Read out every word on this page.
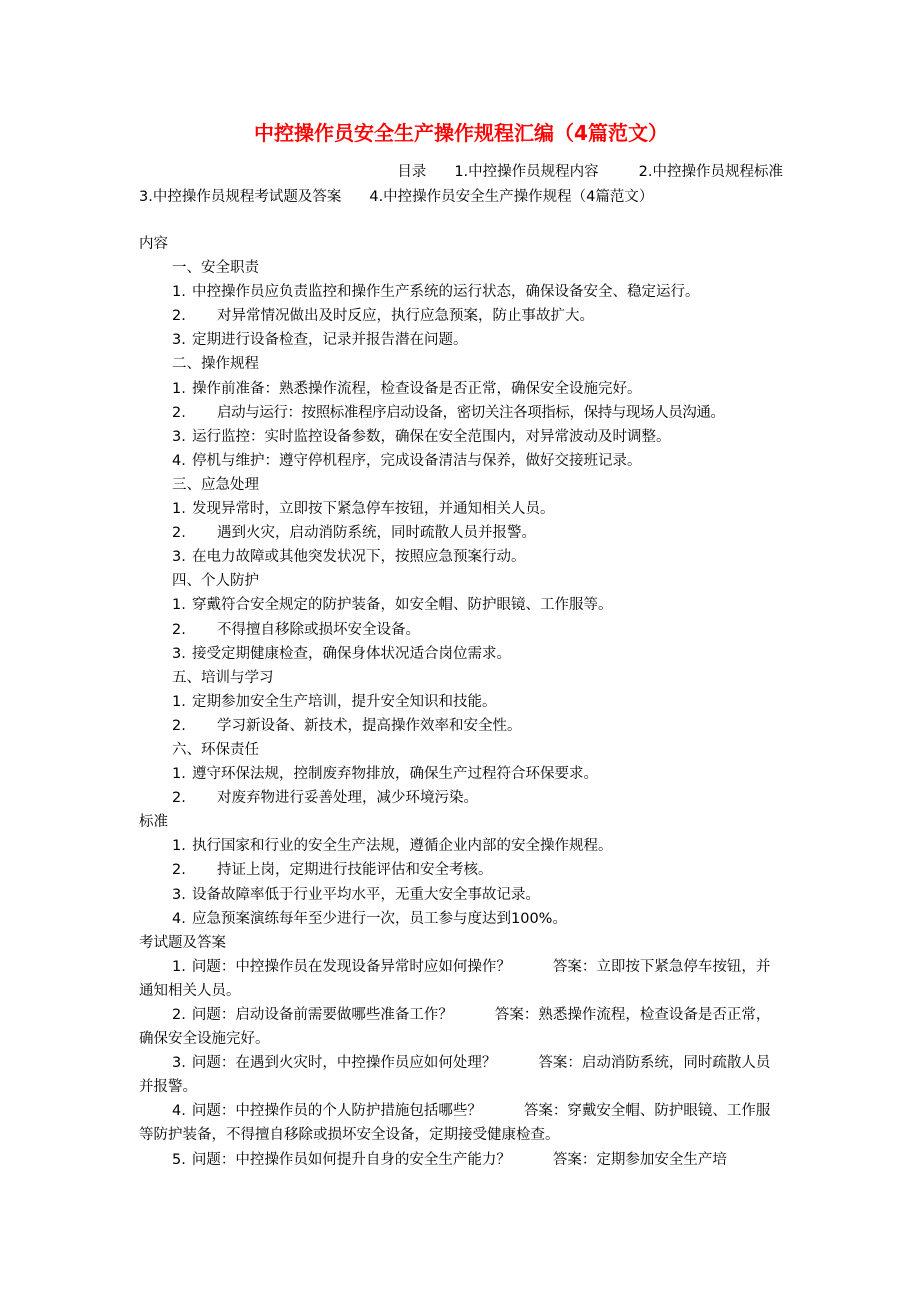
中控操作员安全生产操作规程汇编（4篇范文）
目录 1.中控操作员规程内容	2.中控操作员规程标准
3.中控操作员规程考试题及答案 4.中控操作员安全生产操作规程（4篇范文）
内容
一、安全职责
1. 中控操作员应负责监控和操作生产系统的运行状态，确保设备安全、稳定运行。
2.	对异常情况做出及时反应，执行应急预案，防止事故扩大。
3. 定期进行设备检查，记录并报告潜在问题。
二、操作规程
1. 操作前准备：熟悉操作流程，检查设备是否正常，确保安全设施完好。
2.	启动与运行：按照标准程序启动设备，密切关注各项指标，保持与现场人员沟通。
3. 运行监控：实时监控设备参数，确保在安全范围内，对异常波动及时调整。
4. 停机与维护：遵守停机程序，完成设备清洁与保养，做好交接班记录。
三、应急处理
1. 发现异常时，立即按下紧急停车按钮，并通知相关人员。
2.	遇到火灾，启动消防系统，同时疏散人员并报警。
3. 在电力故障或其他突发状况下，按照应急预案行动。
四、个人防护
1. 穿戴符合安全规定的防护装备，如安全帽、防护眼镜、工作服等。
2.	不得擅自移除或损坏安全设备。
3. 接受定期健康检查，确保身体状况适合岗位需求。
五、培训与学习
1. 定期参加安全生产培训，提升安全知识和技能。
2.	学习新设备、新技术，提高操作效率和安全性。
六、环保责任
1. 遵守环保法规，控制废弃物排放，确保生产过程符合环保要求。
2.	对废弃物进行妥善处理，减少环境污染。
标准
1. 执行国家和行业的安全生产法规，遵循企业内部的安全操作规程。
2.	持证上岗，定期进行技能评估和安全考核。
3. 设备故障率低于行业平均水平，无重大安全事故记录。
4. 应急预案演练每年至少进行一次，员工参与度达到100%。
考试题及答案
1. 问题：中控操作员在发现设备异常时应如何操作？	答案：立即按下紧急停车按钮，并通知相关人员。
2. 问题：启动设备前需要做哪些准备工作？	答案：熟悉操作流程，检查设备是否正常，确保安全设施完好。
3. 问题：在遇到火灾时，中控操作员应如何处理？	答案：启动消防系统，同时疏散人员并报警。
4. 问题：中控操作员的个人防护措施包括哪些？	答案：穿戴安全帽、防护眼镜、工作服等防护装备，不得擅自移除或损坏安全设备，定期接受健康检查。
5. 问题：中控操作员如何提升自身的安全生产能力？	答案：定期参加安全生产培
